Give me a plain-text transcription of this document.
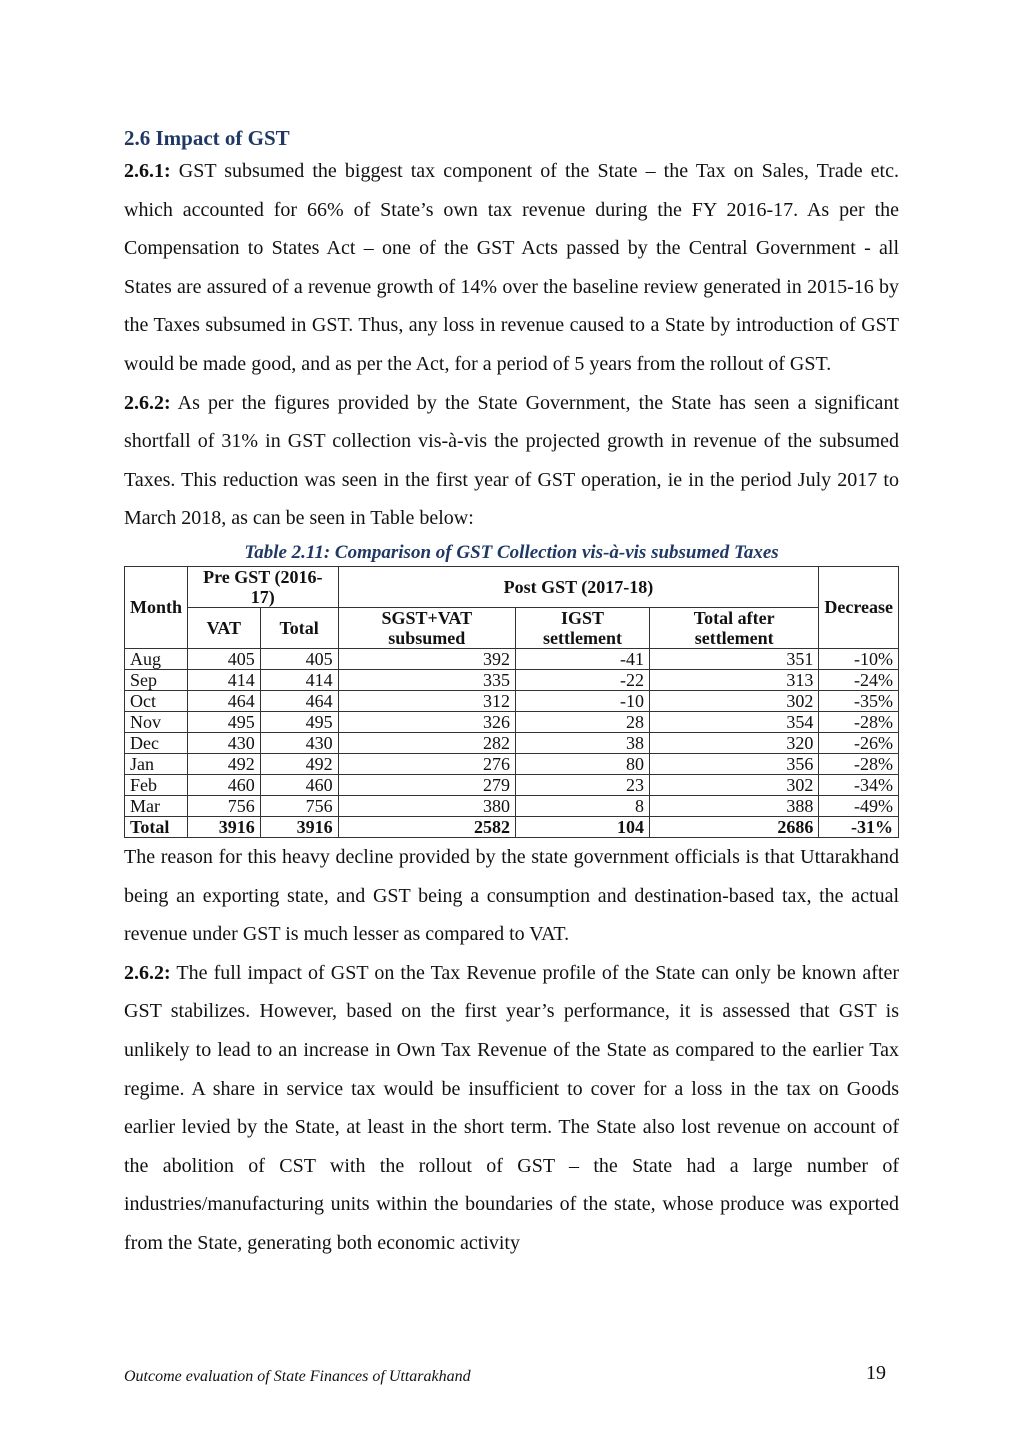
2.6 Impact of GST

2.6.1: GST subsumed the biggest tax component of the State – the Tax on Sales, Trade etc. which accounted for 66% of State’s own tax revenue during the FY 2016-17. As per the Compensation to States Act – one of the GST Acts passed by the Central Government - all States are assured of a revenue growth of 14% over the baseline review generated in 2015-16 by the Taxes subsumed in GST. Thus, any loss in revenue caused to a State by introduction of GST would be made good, and as per the Act, for a period of 5 years from the rollout of GST.

2.6.2: As per the figures provided by the State Government, the State has seen a significant shortfall of 31% in GST collection vis-à-vis the projected growth in revenue of the subsumed Taxes. This reduction was seen in the first year of GST operation, ie in the period July 2017 to March 2018, as can be seen in Table below:

Table 2.11: Comparison of GST Collection vis-à-vis subsumed Taxes
Month	Pre GST (2016-17)		Post GST (2017-18)			Decrease
	VAT	Total	SGST+VAT subsumed	IGST settlement	Total after settlement	
Aug	405	405	392	-41	351	-10%
Sep	414	414	335	-22	313	-24%
Oct	464	464	312	-10	302	-35%
Nov	495	495	326	28	354	-28%
Dec	430	430	282	38	320	-26%
Jan	492	492	276	80	356	-28%
Feb	460	460	279	23	302	-34%
Mar	756	756	380	8	388	-49%
Total	3916	3916	2582	104	2686	-31%

The reason for this heavy decline provided by the state government officials is that Uttarakhand being an exporting state, and GST being a consumption and destination-based tax, the actual revenue under GST is much lesser as compared to VAT.

2.6.2: The full impact of GST on the Tax Revenue profile of the State can only be known after GST stabilizes. However, based on the first year’s performance, it is assessed that GST is unlikely to lead to an increase in Own Tax Revenue of the State as compared to the earlier Tax regime. A share in service tax would be insufficient to cover for a loss in the tax on Goods earlier levied by the State, at least in the short term. The State also lost revenue on account of the abolition of CST with the rollout of GST – the State had a large number of industries/manufacturing units within the boundaries of the state, whose produce was exported from the State, generating both economic activity

Outcome evaluation of State Finances of Uttarakhand	19
